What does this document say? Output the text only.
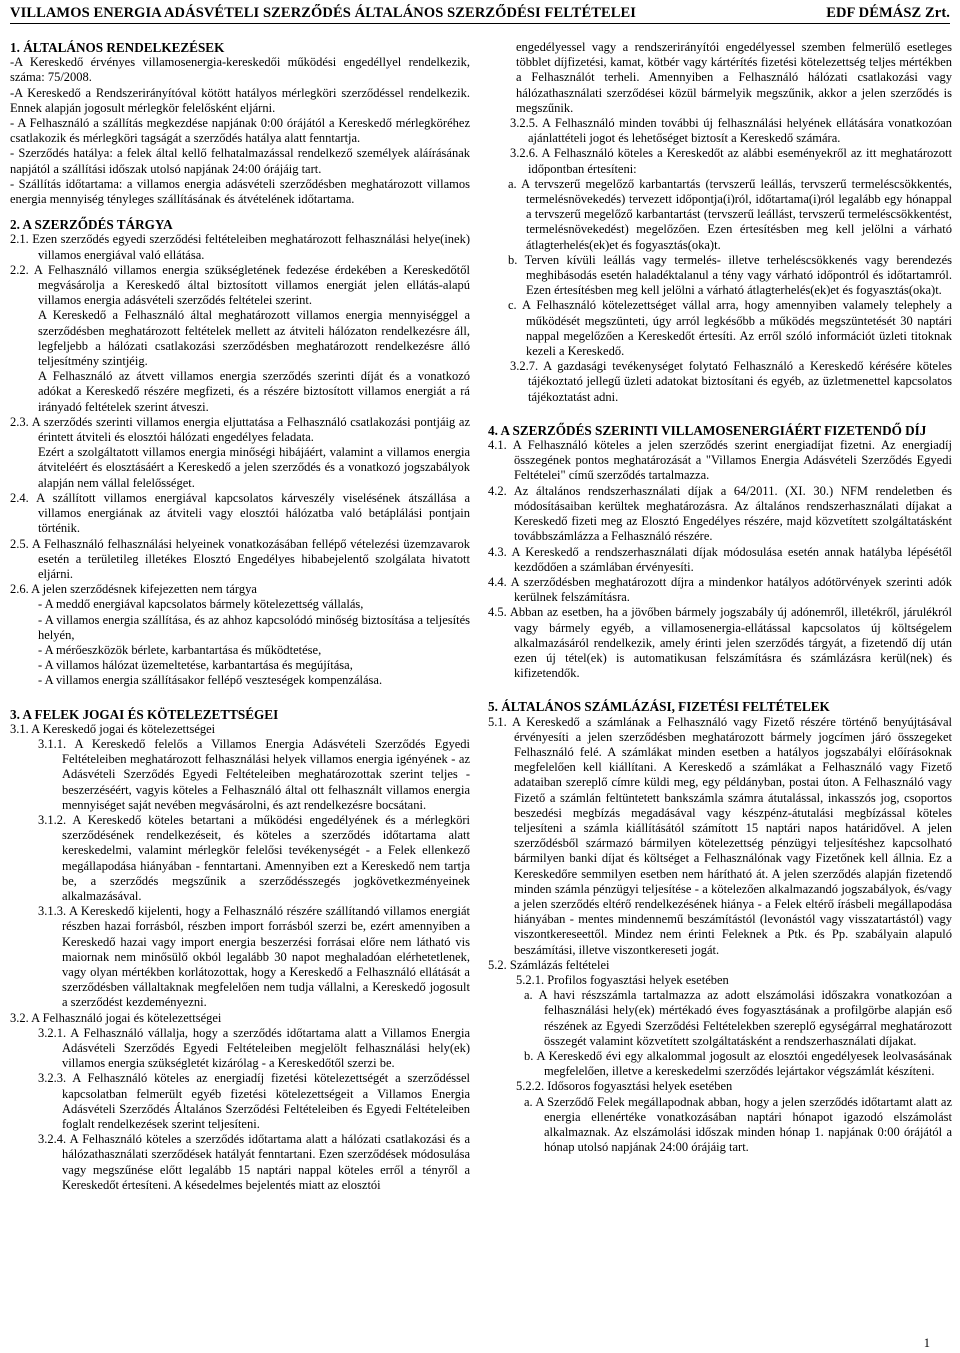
VILLAMOS ENERGIA ADÁSVÉTELI SZERZŐDÉS ÁLTALÁNOS SZERZŐDÉSI FELTÉTELEI	EDF DÉMÁSZ Zrt.

1. ÁLTALÁNOS RENDELKEZÉSEK

-A Kereskedő érvényes villamosenergia-kereskedői működési engedéllyel rendelkezik, száma: 75/2008.

-A Kereskedő a Rendszerirányítóval kötött hatályos mérlegköri szerződéssel rendelkezik. Ennek alapján jogosult mérlegkör felelősként eljárni.

- A Felhasználó a szállítás megkezdése napjának 0:00 órájától a Kereskedő mérlegköréhez csatlakozik és mérlegköri tagságát a szerződés hatálya alatt fenntartja.

- Szerződés hatálya: a felek által kellő felhatalmazással rendelkező személyek aláírásának napjától a szállítási időszak utolsó napjának 24:00 órájáig tart.

- Szállítás időtartama: a villamos energia adásvételi szerződésben meghatározott villamos energia mennyiség tényleges szállításának és átvételének időtartama.

2. A SZERZŐDÉS TÁRGYA

2.1. Ezen szerződés egyedi szerződési feltételeiben meghatározott felhasználási helye(inek) villamos energiával való ellátása.

2.2. A Felhasználó villamos energia szükségletének fedezése érdekében a Kereskedőtől megvásárolja a Kereskedő által biztosított villamos energiát jelen ellátás-alapú villamos energia adásvételi szerződés feltételei szerint.

A Kereskedő a Felhasználó által meghatározott villamos energia mennyiséggel a szerződésben meghatározott feltételek mellett az átviteli hálózaton rendelkezésre áll, legfeljebb a hálózati csatlakozási szerződésben meghatározott rendelkezésre álló teljesítmény szintjéig.

A Felhasználó az átvett villamos energia szerződés szerinti díját és a vonatkozó adókat a Kereskedő részére megfizeti, és a részére biztosított villamos energiát a rá irányadó feltételek szerint átveszi.

2.3. A szerződés szerinti villamos energia eljuttatása a Felhasználó csatlakozási pontjáig az érintett átviteli és elosztói hálózati engedélyes feladata.

Ezért a szolgáltatott villamos energia minőségi hibájáért, valamint a villamos energia átviteléért és elosztásáért a Kereskedő a jelen szerződés és a vonatkozó jogszabályok alapján nem vállal felelősséget.

2.4. A szállított villamos energiával kapcsolatos kárveszély viselésének átszállása a villamos energiának az átviteli vagy elosztói hálózatba való betáplálási pontjain történik.

2.5. A Felhasználó felhasználási helyeinek vonatkozásában fellépő vételezési üzemzavarok esetén a területileg illetékes Elosztó Engedélyes hibabejelentő szolgálata hivatott eljárni.

2.6. A jelen szerződésnek kifejezetten nem tárgya

- A meddő energiával kapcsolatos bármely kötelezettség vállalás,

- A villamos energia szállítása, és az ahhoz kapcsolódó minőség biztosítása a teljesítés helyén,

- A mérőeszközök bérlete, karbantartása és működtetése,

- A villamos hálózat üzemeltetése, karbantartása és megújítása,

- A villamos energia szállításakor fellépő veszteségek kompenzálása.

3. A FELEK JOGAI ÉS KÖTELEZETTSÉGEI

3.1. A Kereskedő jogai és kötelezettségei

3.1.1. A Kereskedő felelős a Villamos Energia Adásvételi Szerződés Egyedi Feltételeiben meghatározott felhasználási helyek villamos energia igényének - az Adásvételi Szerződés Egyedi Feltételeiben meghatározottak szerint teljes - beszerzéséért, vagyis köteles a Felhasználó által ott felhasznált villamos energia mennyiséget saját nevében megvásárolni, és azt rendelkezésre bocsátani.

3.1.2. A Kereskedő köteles betartani a működési engedélyének és a mérlegköri szerződésének rendelkezéseit, és köteles a szerződés időtartama alatt kereskedelmi, valamint mérlegkör felelősi tevékenységét - a Felek ellenkező megállapodása hiányában - fenntartani. Amennyiben ezt a Kereskedő nem tartja be, a szerződés megszűnik a szerződésszegés jogkövetkezményeinek alkalmazásával.

3.1.3. A Kereskedő kijelenti, hogy a Felhasználó részére szállítandó villamos energiát részben hazai forrásból, részben import forrásból szerzi be, ezért amennyiben a Kereskedő hazai vagy import energia beszerzési forrásai előre nem látható vis maiornak nem minősülő okból legalább 30 napot meghaladóan elérhetetlenek, vagy olyan mértékben korlátozottak, hogy a Kereskedő a Felhasználó ellátását a szerződésben vállaltaknak megfelelően nem tudja vállalni, a Kereskedő jogosult a szerződést kezdeményezni.

3.2. A Felhasználó jogai és kötelezettségei

3.2.1. A Felhasználó vállalja, hogy a szerződés időtartama alatt a Villamos Energia Adásvételi Szerződés Egyedi Feltételeiben megjelölt felhasználási hely(ek) villamos energia szükségletét kizárólag - a Kereskedőtől szerzi be.

3.2.3. A Felhasználó köteles az energiadíj fizetési kötelezettségét a szerződéssel kapcsolatban felmerült egyéb fizetési kötelezettségeit a Villamos Energia Adásvételi Szerződés Általános Szerződési Feltételeiben és Egyedi Feltételeiben foglalt rendelkezések szerint teljesíteni.

3.2.4. A Felhasználó köteles a szerződés időtartama alatt a hálózati csatlakozási és a hálózathasználati szerződések hatályát fenntartani. Ezen szerződések módosulása vagy megszűnése előtt legalább 15 naptári nappal köteles erről a tényről a Kereskedőt értesíteni. A késedelmes bejelentés miatt az elosztói

engedélyessel vagy a rendszerirányítói engedélyessel szemben felmerülő esetleges többlet díjfizetési, kamat, kötbér vagy kártérítés fizetési kötelezettség teljes mértékben a Felhasználót terheli. Amennyiben a Felhasználó hálózati csatlakozási vagy hálózathasználati szerződései közül bármelyik megszűnik, akkor a jelen szerződés is megszűnik.

3.2.5. A Felhasználó minden további új felhasználási helyének ellátására vonatkozóan ajánlattételi jogot és lehetőséget biztosít a Kereskedő számára.

3.2.6. A Felhasználó köteles a Kereskedőt az alábbi eseményekről az itt meghatározott időpontban értesíteni:

a. A tervszerű megelőző karbantartás (tervszerű leállás, tervszerű termeléscsökkentés, termelésnövekedés) tervezett időpontja(i)ról, időtartama(i)ról legalább egy hónappal a tervszerű megelőző karbantartást (tervszerű leállást, tervszerű termeléscsökkentést, termelésnövekedést) megelőzően. Ezen értesítésben meg kell jelölni a várható átlagterhelés(ek)et és fogyasztás(oka)t.

b. Terven kívüli leállás vagy termelés- illetve terheléscsökkenés vagy berendezés meghibásodás esetén haladéktalanul a tény vagy várható időpontról és időtartamról. Ezen értesítésben meg kell jelölni a várható átlagterhelés(ek)et és fogyasztás(oka)t.

c. A Felhasználó kötelezettséget vállal arra, hogy amennyiben valamely telephely a működését megszünteti, úgy arról legkésőbb a működés megszüntetését 30 naptári nappal megelőzően a Kereskedőt értesíti. Az erről szóló információt üzleti titoknak kezeli a Kereskedő.

3.2.7. A gazdasági tevékenységet folytató Felhasználó a Kereskedő kérésére köteles tájékoztató jellegű üzleti adatokat biztosítani és egyéb, az üzletmenettel kapcsolatos tájékoztatást adni.

4. A SZERZŐDÉS SZERINTI VILLAMOSENERGIÁÉRT FIZETENDŐ DÍJ

4.1. A Felhasználó köteles a jelen szerződés szerint energiadíjat fizetni. Az energiadíj összegének pontos meghatározását a "Villamos Energia Adásvételi Szerződés Egyedi Feltételei" című szerződés tartalmazza.

4.2. Az általános rendszerhasználati díjak a 64/2011. (XI. 30.) NFM rendeletben és módosításaiban kerültek meghatározásra. Az általános rendszerhasználati díjakat a Kereskedő fizeti meg az Elosztó Engedélyes részére, majd közvetített szolgáltatásként továbbszámlázza a Felhasználó részére.

4.3. A Kereskedő a rendszerhasználati díjak módosulása esetén annak hatályba lépésétől kezdődően a számlában érvényesíti.

4.4. A szerződésben meghatározott díjra a mindenkor hatályos adótörvények szerinti adók kerülnek felszámításra.

4.5. Abban az esetben, ha a jövőben bármely jogszabály új adónemről, illetékről, járulékról vagy bármely egyéb, a villamosenergia-ellátással kapcsolatos új költségelem alkalmazásáról rendelkezik, amely érinti jelen szerződés tárgyát, a fizetendő díj után ezen új tétel(ek) is automatikusan felszámításra és számlázásra kerül(nek) és kifizetendők.

5. ÁLTALÁNOS SZÁMLÁZÁSI, FIZETÉSI FELTÉTELEK

5.1. A Kereskedő a számlának a Felhasználó vagy Fizető részére történő benyújtásával érvényesíti a jelen szerződésben meghatározott bármely jogcímen járó összegeket Felhasználó felé. A számlákat minden esetben a hatályos jogszabályi előírásoknak megfelelően kell kiállítani. A Kereskedő a számlákat a Felhasználó vagy Fizető adataiban szereplő címre küldi meg, egy példányban, postai úton. A Felhasználó vagy Fizető a számlán feltüntetett bankszámla számra átutalással, inkasszós jog, csoportos beszedési megbízás megadásával vagy készpénz-átutalási megbízással köteles teljesíteni a számla kiállításától számított 15 naptári napos határidővel. A jelen szerződésből származó bármilyen kötelezettség pénzügyi teljesítéshez kapcsolható bármilyen banki díjat és költséget a Felhasználónak vagy Fizetőnek kell állnia. Ez a Kereskedőre semmilyen esetben nem hárítható át. A jelen szerződés alapján fizetendő minden számla pénzügyi teljesítése - a kötelezően alkalmazandó jogszabályok, és/vagy a jelen szerződés eltérő rendelkezésének hiánya - a Felek eltérő írásbeli megállapodása hiányában - mentes mindennemű beszámítástól (levonástól vagy visszatartástól) vagy viszontkereseettől. Mindez nem érinti Feleknek a Ptk. és Pp. szabályain alapuló beszámítási, illetve viszontkereseti jogát.

5.2. Számlázás feltételei

5.2.1. Profilos fogyasztási helyek esetében

a. A havi részszámla tartalmazza az adott elszámolási időszakra vonatkozóan a felhasználási hely(ek) mértékadó éves fogyasztásának a profilgörbe alapján eső részének az Egyedi Szerződési Feltételekben szereplő egységárral meghatározott összegét valamint közvetített szolgáltatásként a rendszerhasználati díjakat.

b. A Kereskedő évi egy alkalommal jogosult az elosztói engedélyesek leolvasásának megfelelően, illetve a kereskedelmi szerződés lejártakor végszámlát készíteni.

5.2.2. Idősoros fogyasztási helyek esetében

a. A Szerződő Felek megállapodnak abban, hogy a jelen szerződés időtartamt alatt az energia ellenértéke vonatkozásában naptári hónapot igazodó elszámolást alkalmaznak. Az elszámolási időszak minden hónap 1. napjának 0:00 órájától a hónap utolsó napjának 24:00 órájáig tart.

1
